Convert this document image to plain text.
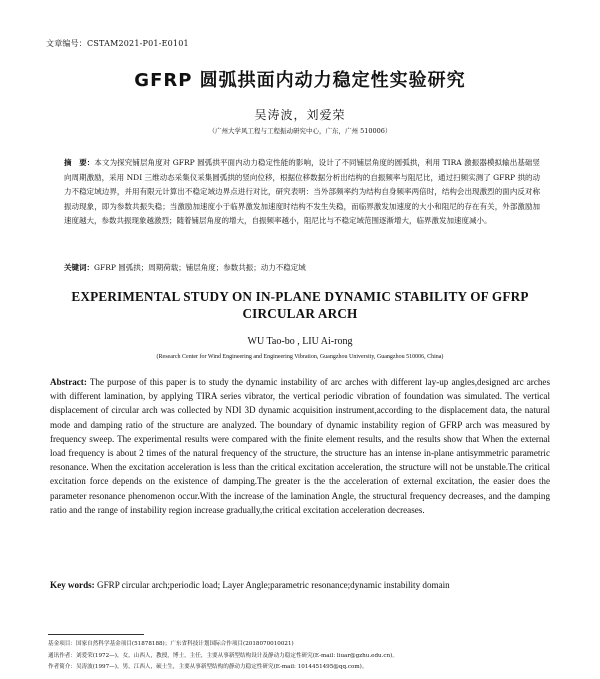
文章编号：CSTAM2021-P01-E0101
GFRP 圆弧拱面内动力稳定性实验研究
吴涛波，刘爱荣
（广州大学风工程与工程振动研究中心，广东，广州 510006）
摘　要：本文为探究铺层角度对 GFRP 圆弧拱平面内动力稳定性能的影响，设计了不同铺层角度的圆弧拱，利用 TIRA 激振器模拟输出基础竖向周期激励，采用 NDI 三维动态采集仪采集圆弧拱的竖向位移，根据位移数据分析出结构的自振频率与阻尼比，通过扫频实测了 GFRP 拱的动力不稳定域边界，并用有限元计算出不稳定域边界点进行对比，研究表明：当外部频率约为结构自身频率两倍时，结构会出现激烈的面内反对称振动现象，即为参数共振失稳；当激励加速度小于临界激发加速度时结构不发生失稳，而临界激发加速度的大小和阻尼的存在有关，外部激励加速度越大，参数共振现象越激烈；随着铺层角度的增大，自振频率越小，阻尼比与不稳定域范围逐渐增大，临界激发加速度减小。
关键词：GFRP 圆弧拱；周期荷载；铺层角度；参数共振；动力不稳定域
EXPERIMENTAL STUDY ON IN-PLANE DYNAMIC STABILITY OF GFRP
CIRCULAR ARCH
WU Tao-bo , LIU Ai-rong
(Research Center for Wind Engineering and Engineering Vibration, Guangzhou University, Guangzhou 510006, China)
Abstract: The purpose of this paper is to study the dynamic instability of arc arches with different lay-up angles,designed arc arches with different lamination, by applying TIRA series vibrator, the vertical periodic vibration of foundation was simulated. The vertical displacement of circular arch was collected by NDI 3D dynamic acquisition instrument,according to the displacement data, the natural mode and damping ratio of the structure are analyzed. The boundary of dynamic instability region of GFRP arch was measured by frequency sweep. The experimental results were compared with the finite element results, and the results show that When the external load frequency is about 2 times of the natural frequency of the structure, the structure has an intense in-plane antisymmetric parametric resonance. When the excitation acceleration is less than the critical excitation acceleration, the structure will not be unstable.The critical excitation force depends on the existence of damping.The greater is the the acceleration of external excitation, the easier does the parameter resonance phenomenon occur.With the increase of the lamination Angle, the structural frequency decreases, and the damping ratio and the range of instability region increase gradually,the critical excitation acceleration decreases.
Key words: GFRP circular arch;periodic load; Layer Angle;parametric resonance;dynamic instability domain
基金项目：国家自然科学基金项目(51878188)；广东省科技计划国际合作项目(2018070010021)
通讯作者：刘爱荣(1972—)，女，山西人，教授，博士，主任，主要从事新型结构设计及静动力稳定性研究(E-mail: liuar@gzhu.edu.cn)。
作者简介：吴涛波(1997—)，男，江西人，硕士生，主要从事新型结构的静动力稳定性研究(E-mail: 1014451495@qq.com)。
